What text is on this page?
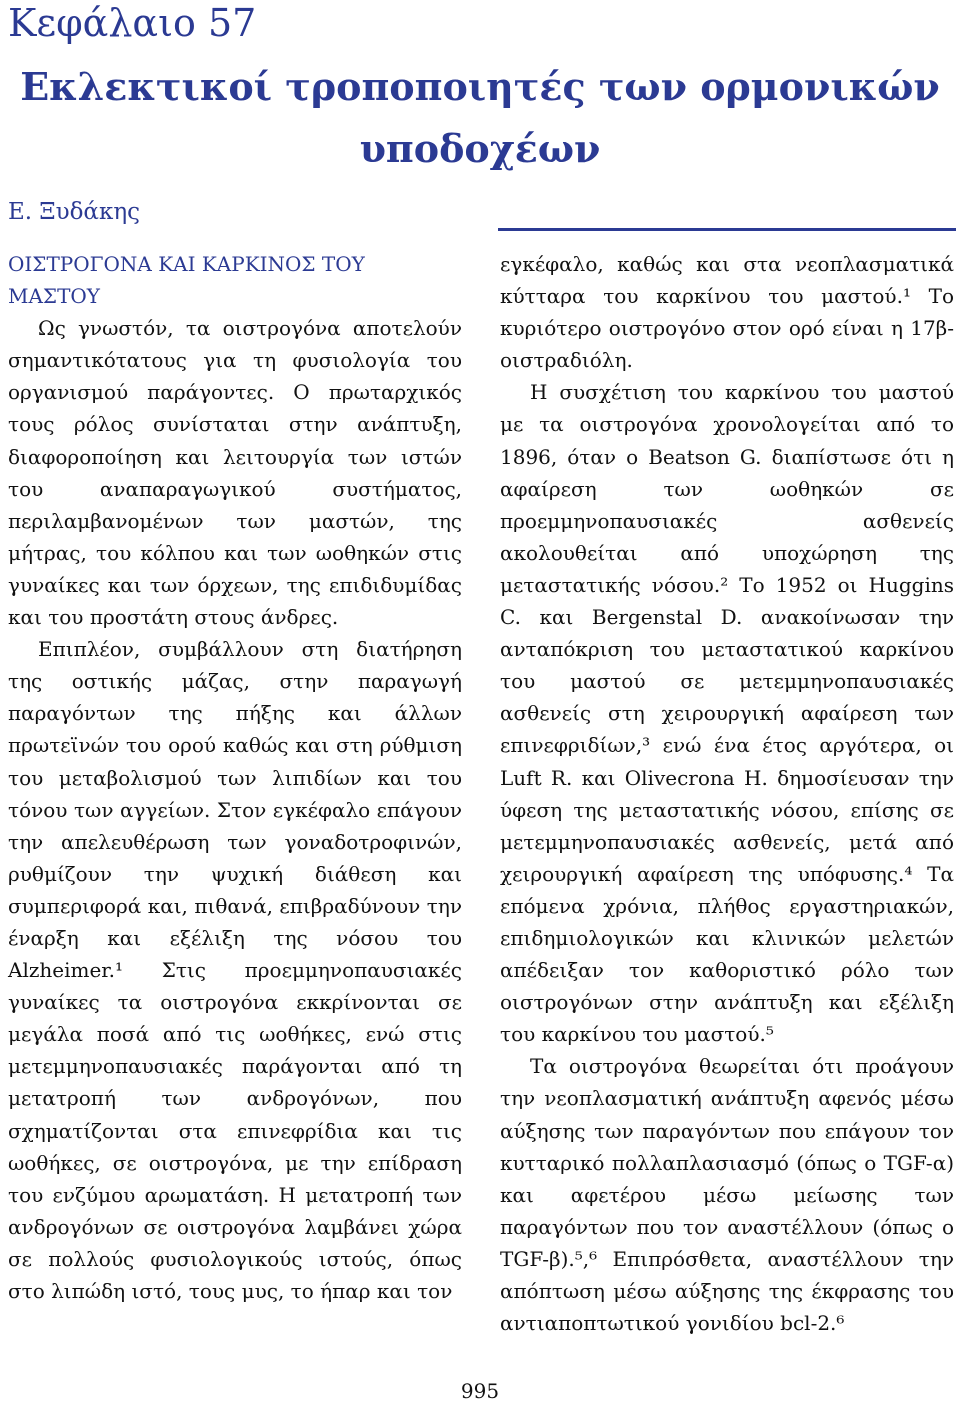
Κεφάλαιο 57
Εκλεκτικοί τροποποιητές των ορμονικών υποδοχέων
Ε. Ξυδάκης
ΟΙΣΤΡΟΓΟΝΑ ΚΑΙ ΚΑΡΚΙΝΟΣ ΤΟΥ ΜΑΣΤΟΥ

Ως γνωστόν, τα οιστρογόνα αποτελούν σημαντικότατους για τη φυσιολογία του οργανισμού παράγοντες. Ο πρωταρχικός τους ρόλος συνίσταται στην ανάπτυξη, διαφοροποίηση και λειτουργία των ιστών του αναπαραγωγικού συστήματος, περιλαμβανομένων των μαστών, της μήτρας, του κόλπου και των ωοθηκών στις γυναίκες και των όρχεων, της επιδιδυμίδας και του προστάτη στους άνδρες.

Επιπλέον, συμβάλλουν στη διατήρηση της οστικής μάζας, στην παραγωγή παραγόντων της πήξης και άλλων πρωτεϊνών του ορού καθώς και στη ρύθμιση του μεταβολισμού των λιπιδίων και του τόνου των αγγείων. Στον εγκέφαλο επάγουν την απελευθέρωση των γοναδοτροφινών, ρυθμίζουν την ψυχική διάθεση και συμπεριφορά και, πιθανά, επιβραδύνουν την έναρξη και εξέλιξη της νόσου του Alzheimer.¹ Στις προεμμηνοπαυσιακές γυναίκες τα οιστρογόνα εκκρίνονται σε μεγάλα ποσά από τις ωοθήκες, ενώ στις μετεμμηνοπαυσιακές παράγονται από τη μετατροπή των ανδρογόνων, που σχηματίζονται στα επινεφρίδια και τις ωοθήκες, σε οιστρογόνα, με την επίδραση του ενζύμου αρωματάση. Η μετατροπή των ανδρογόνων σε οιστρογόνα λαμβάνει χώρα σε πολλούς φυσιολογικούς ιστούς, όπως στο λιπώδη ιστό, τους μυς, το ήπαρ και τον

εγκέφαλο, καθώς και στα νεοπλασματικά κύτταρα του καρκίνου του μαστού.¹ Το κυριότερο οιστρογόνο στον ορό είναι η 17β-οιστραδιόλη.

Η συσχέτιση του καρκίνου του μαστού με τα οιστρογόνα χρονολογείται από το 1896, όταν ο Beatson G. διαπίστωσε ότι η αφαίρεση των ωοθηκών σε προεμμηνοπαυσιακές ασθενείς ακολουθείται από υποχώρηση της μεταστατικής νόσου.² Το 1952 οι Huggins C. και Bergenstal D. ανακοίνωσαν την ανταπόκριση του μεταστατικού καρκίνου του μαστού σε μετεμμηνοπαυσιακές ασθενείς στη χειρουργική αφαίρεση των επινεφριδίων,³ ενώ ένα έτος αργότερα, οι Luft R. και Olivecrona H. δημοσίευσαν την ύφεση της μεταστατικής νόσου, επίσης σε μετεμμηνοπαυσιακές ασθενείς, μετά από χειρουργική αφαίρεση της υπόφυσης.⁴ Τα επόμενα χρόνια, πλήθος εργαστηριακών, επιδημιολογικών και κλινικών μελετών απέδειξαν τον καθοριστικό ρόλο των οιστρογόνων στην ανάπτυξη και εξέλιξη του καρκίνου του μαστού.⁵

Τα οιστρογόνα θεωρείται ότι προάγουν την νεοπλασματική ανάπτυξη αφενός μέσω αύξησης των παραγόντων που επάγουν τον κυτταρικό πολλαπλασιασμό (όπως ο TGF-α) και αφετέρου μέσω μείωσης των παραγόντων που τον αναστέλλουν (όπως ο TGF-β).⁵,⁶ Επιπρόσθετα, αναστέλλουν την απόπτωση μέσω αύξησης της έκφρασης του αντιαποπτωτικού γονιδίου bcl-2.⁶

995
